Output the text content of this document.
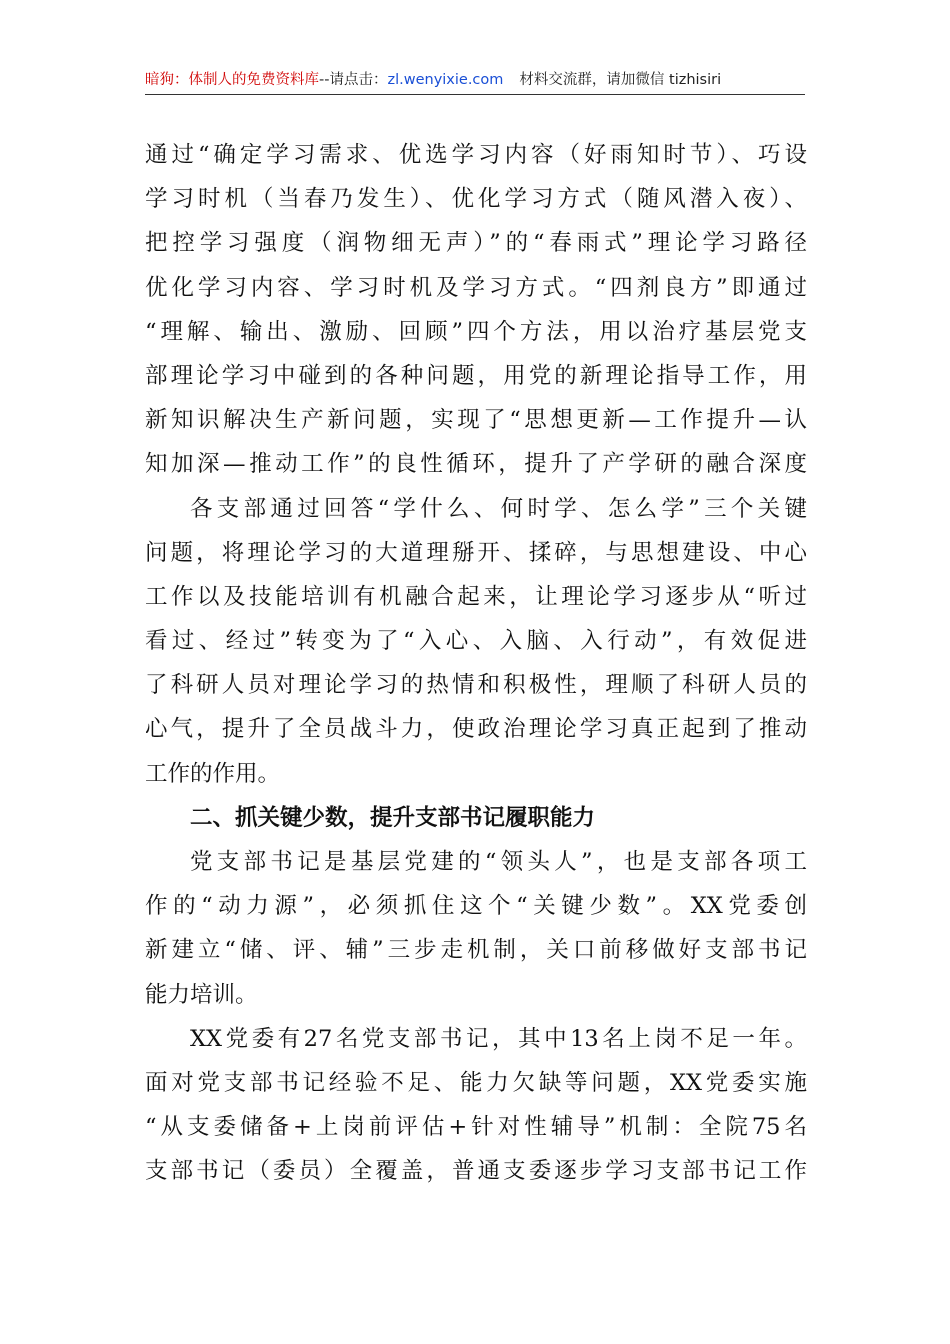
暗狗：体制人的免费资料库--请点击：zl.wenyixie.com 材料交流群，请加微信 tizhisiri
通过“确定学习需求、优选学习内容（好雨知时节）、巧设
学习时机（当春乃发生）、优化学习方式（随风潜入夜）、
把控学习强度（润物细无声）”的“春雨式”理论学习路径
优化学习内容、学习时机及学习方式。“四剂良方”即通过
“理解、输出、激励、回顾”四个方法，用以治疗基层党支
部理论学习中碰到的各种问题，用党的新理论指导工作，用
新知识解决生产新问题，实现了“思想更新—工作提升—认
知加深—推动工作”的良性循环，提升了产学研的融合深度
各支部通过回答“学什么、何时学、怎么学”三个关键
问题，将理论学习的大道理掰开、揉碎，与思想建设、中心
工作以及技能培训有机融合起来，让理论学习逐步从“听过
看过、经过”转变为了“入心、入脑、入行动”，有效促进
了科研人员对理论学习的热情和积极性，理顺了科研人员的
心气，提升了全员战斗力，使政治理论学习真正起到了推动
工作的作用。
二、抓关键少数，提升支部书记履职能力
党支部书记是基层党建的“领头人”，也是支部各项工
作的“动力源”，必须抓住这个“关键少数”。XX党委创
新建立“储、评、辅”三步走机制，关口前移做好支部书记
能力培训。
XX党委有27名党支部书记，其中13名上岗不足一年。
面对党支部书记经验不足、能力欠缺等问题，XX党委实施
“从支委储备+上岗前评估+针对性辅导”机制：全院75名
支部书记（委员）全覆盖，普通支委逐步学习支部书记工作
